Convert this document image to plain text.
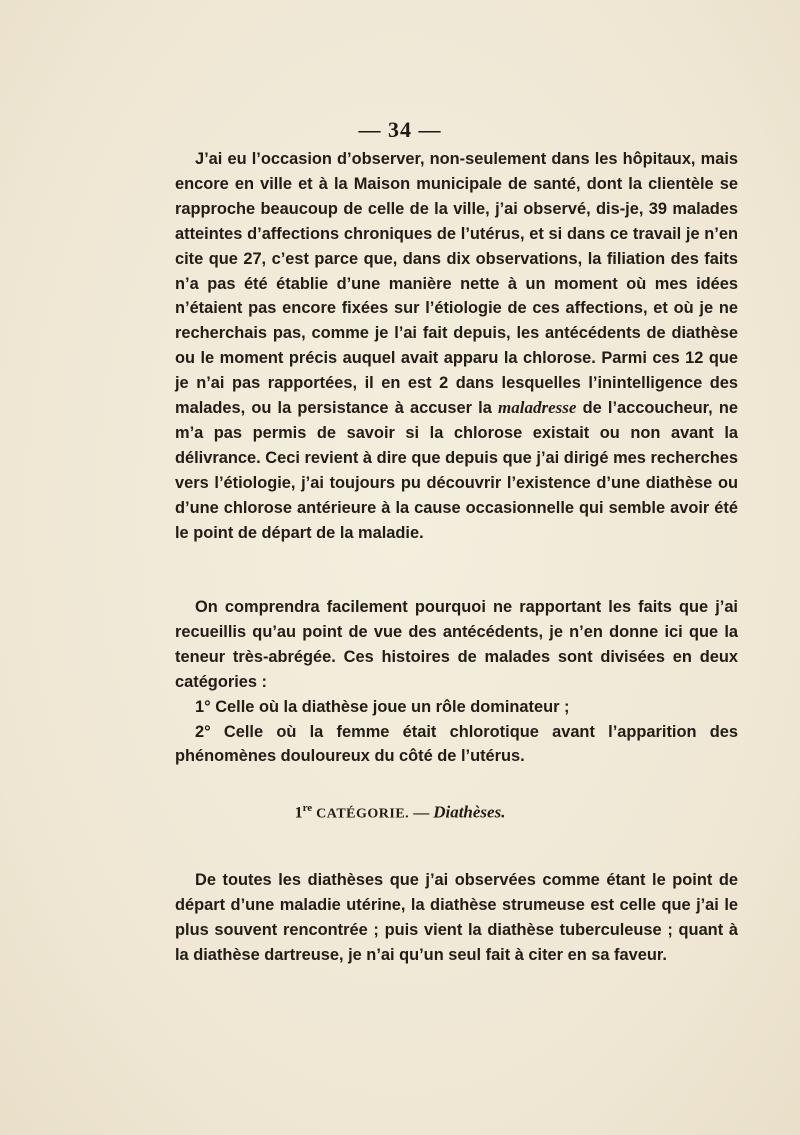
— 34 —

J’ai eu l’occasion d’observer, non-seulement dans les hôpitaux, mais encore en ville et à la Maison municipale de santé, dont la clientèle se rapproche beaucoup de celle de la ville, j’ai observé, dis-je, 39 malades atteintes d’affections chroniques de l’utérus, et si dans ce travail je n’en cite que 27, c’est parce que, dans dix observations, la filiation des faits n’a pas été établie d’une manière nette à un moment où mes idées n’étaient pas encore fixées sur l’étiologie de ces affections, et où je ne recherchais pas, comme je l’ai fait depuis, les antécédents de diathèse ou le moment précis auquel avait apparu la chlorose. Parmi ces 12 que je n’ai pas rapportées, il en est 2 dans lesquelles l’inintelligence des malades, ou la persistance à accuser la maladresse de l’accoucheur, ne m’a pas permis de savoir si la chlorose existait ou non avant la délivrance. Ceci revient à dire que depuis que j’ai dirigé mes recherches vers l’étiologie, j’ai toujours pu découvrir l’existence d’une diathèse ou d’une chlorose antérieure à la cause occasionnelle qui semble avoir été le point de départ de la maladie.

On comprendra facilement pourquoi ne rapportant les faits que j’ai recueillis qu’au point de vue des antécédents, je n’en donne ici que la teneur très-abrégée. Ces histoires de malades sont divisées en deux catégories :

1° Celle où la diathèse joue un rôle dominateur ;

2° Celle où la femme était chlorotique avant l’apparition des phénomènes douloureux du côté de l’utérus.

1re CATÉGORIE. — Diathèses.

De toutes les diathèses que j’ai observées comme étant le point de départ d’une maladie utérine, la diathèse strumeuse est celle que j’ai le plus souvent rencontrée ; puis vient la diathèse tuberculeuse ; quant à la diathèse dartreuse, je n’ai qu’un seul fait à citer en sa faveur.
